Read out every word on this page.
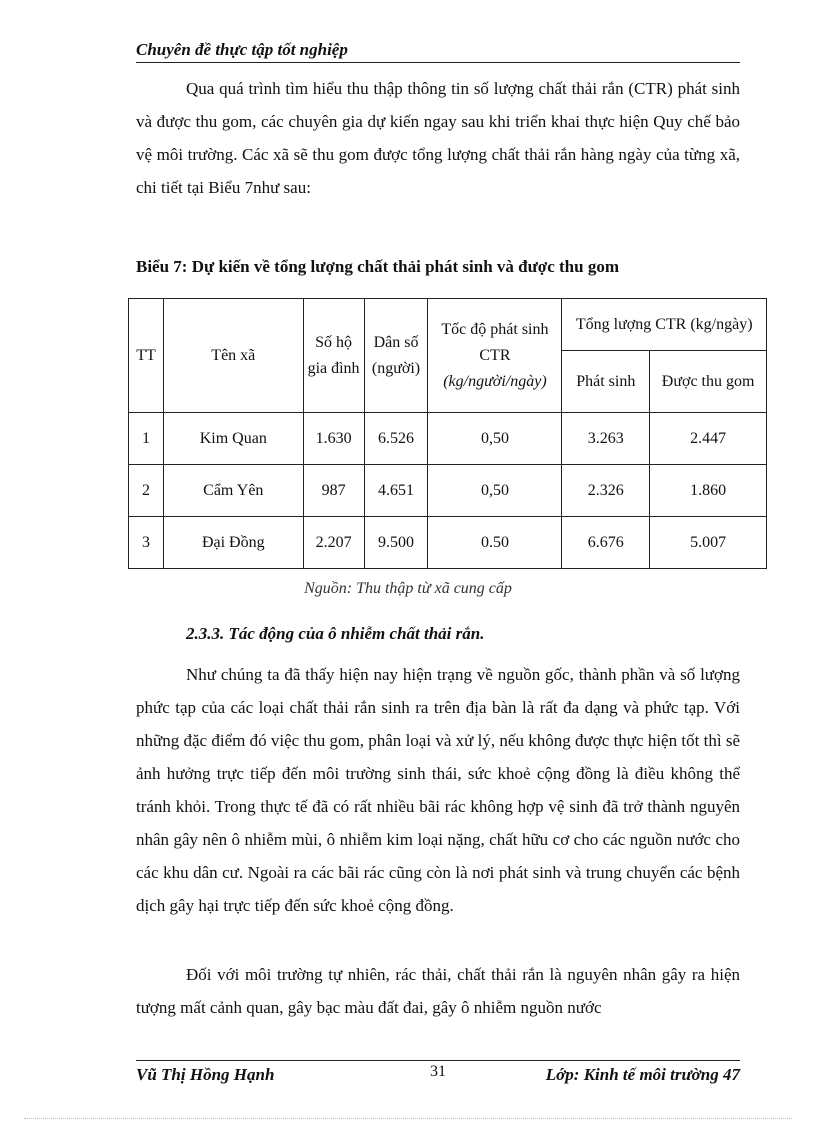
Chuyên đề thực tập tốt nghiệp

Qua quá trình tìm hiểu thu thập thông tin số lượng chất thải rắn (CTR) phát sinh và được thu gom, các chuyên gia dự kiến ngay sau khi triển khai thực hiện Quy chế bảo vệ môi trường. Các xã sẽ thu gom được tổng lượng chất thải rắn hàng ngày của từng xã, chi tiết tại Biểu 7như sau:

Biểu 7: Dự kiến về tổng lượng chất thải phát sinh và được thu gom
TT	Tên xã	Số hộ gia đình	Dân số (người)	Tốc độ phát sinh CTR
(kg/người/ngày)	Tổng lượng CTR (kg/ngày)	
					Phát sinh	Được thu gom
1	Kim Quan	1.630	6.526	0,50	3.263	2.447
2	Cẩm Yên	987	4.651	0,50	2.326	1.860
3	Đại Đồng	2.207	9.500	0.50	6.676	5.007
Nguồn: Thu thập từ xã cung cấp
2.3.3. Tác động của ô nhiễm chất thải rắn.

Như chúng ta đã thấy hiện nay hiện trạng về nguồn gốc, thành phần và số lượng phức tạp của các loại chất thải rắn sinh ra trên địa bàn là rất đa dạng và phức tạp. Với những đặc điểm đó việc thu gom, phân loại và xử lý, nếu không được thực hiện tốt thì sẽ ảnh hưởng trực tiếp đến môi trường sinh thái, sức khoẻ cộng đồng là điều không thể tránh khỏi. Trong thực tế đã có rất nhiều bãi rác không hợp vệ sinh đã trở thành nguyên nhân gây nên ô nhiễm mùi, ô nhiễm kim loại nặng, chất hữu cơ cho các nguồn nước cho các khu dân cư. Ngoài ra các bãi rác cũng còn là nơi phát sinh và trung chuyển các bệnh dịch gây hại trực tiếp đến sức khoẻ cộng đồng.

Đối với môi trường tự nhiên, rác thải, chất thải rắn là nguyên nhân gây ra hiện tượng mất cảnh quan, gây bạc màu đất đai, gây ô nhiễm nguồn nước

Vũ Thị Hồng Hạnh	31	Lớp: Kinh tế môi trường 47
